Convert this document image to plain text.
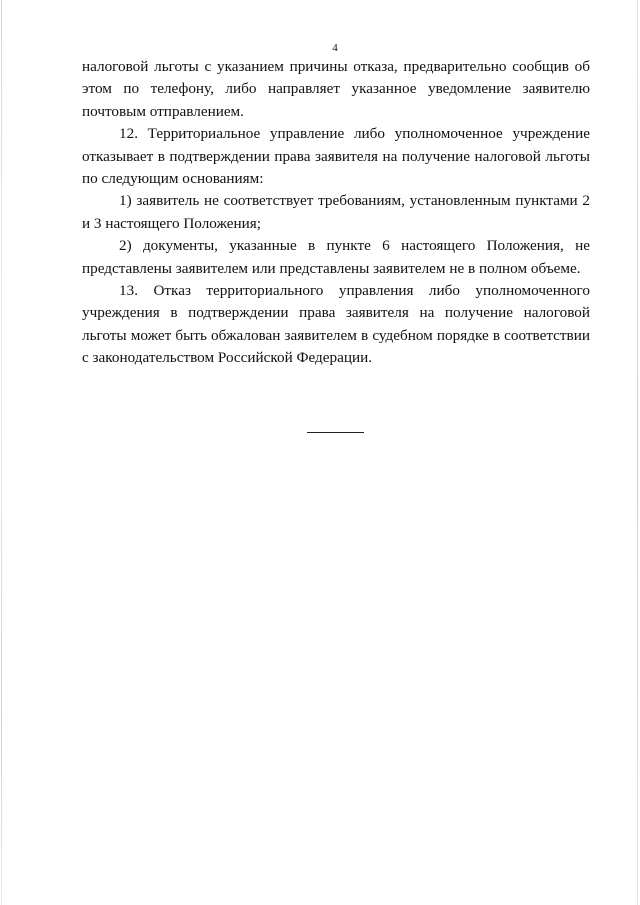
4

налоговой льготы с указанием причины отказа, предварительно сообщив об этом по телефону, либо направляет указанное уведомление заявителю почтовым отправлением.

12. Территориальное управление либо уполномоченное учреждение отказывает в подтверждении права заявителя на получение налоговой льготы по следующим основаниям:

1) заявитель не соответствует требованиям, установленным пунктами 2 и 3 настоящего Положения;

2) документы, указанные в пункте 6 настоящего Положения, не представлены заявителем или представлены заявителем не в полном объеме.

13. Отказ территориального управления либо уполномоченного учреждения в подтверждении права заявителя на получение налоговой льготы может быть обжалован заявителем в судебном порядке в соответствии с законодательством Российской Федерации.
